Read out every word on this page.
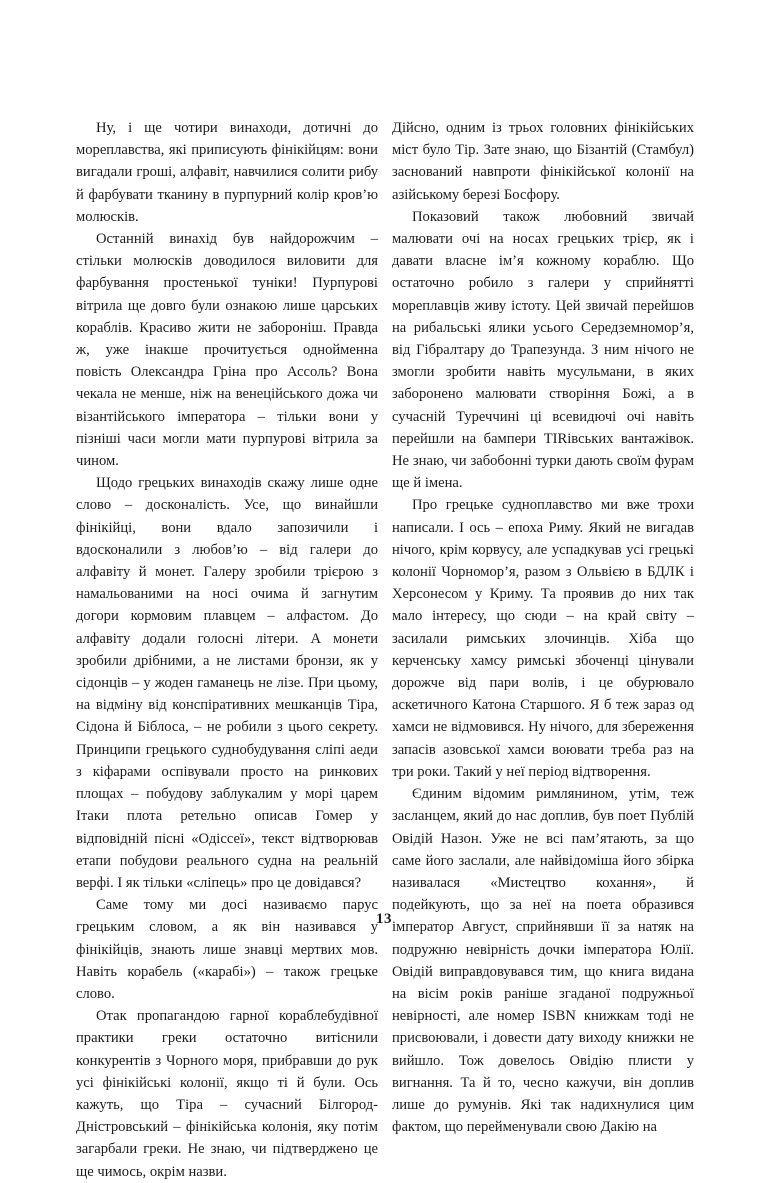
Ну, і ще чотири винаходи, дотичні до мореплавства, які приписують фінікійцям: вони вигадали гроші, алфавіт, навчилися солити рибу й фарбувати тканину в пурпурний колір кров’ю молюсків.

Останній винахід був найдорожчим – стільки молюсків доводилося виловити для фарбування простенької туніки! Пурпурові вітрила ще довго були ознакою лише царських кораблів. Красиво жити не забороніш. Правда ж, уже інакше прочитується однойменна повість Олександра Гріна про Ассоль? Вона чекала не менше, ніж на венеційського дожа чи візантійського імператора – тільки вони у пізніші часи могли мати пурпурові вітрила за чином.

Щодо грецьких винаходів скажу лише одне слово – досконалість. Усе, що винайшли фінікійці, вони вдало запозичили і вдосконалили з любов’ю – від галери до алфавіту й монет. Галеру зробили трієрою з намальованими на носі очима й загнутим догори кормовим плавцем – алфастом. До алфавіту додали голосні літери. А монети зробили дрібними, а не листами бронзи, як у сідонців – у жоден гаманець не лізе. При цьому, на відміну від конспіративних мешканців Тіра, Сідона й Біблоса, – не робили з цього секрету. Принципи грецького суднобудування сліпі аеди з кіфарами оспівували просто на ринкових площах – побудову заблукалим у морі царем Ітаки плота ретельно описав Гомер у відповідній пісні «Одіссеї», текст відтворював етапи побудови реального судна на реальній верфі. І як тільки «сліпець» про це довідався?

Саме тому ми досі називаємо парус грецьким словом, а як він називався у фінікійців, знають лише знавці мертвих мов. Навіть корабель («карабі») – також грецьке слово.

Отак пропагандою гарної кораблебудівної практики греки остаточно витіснили конкурентів з Чорного моря, прибравши до рук усі фінікійські колонії, якщо ті й були. Ось кажуть, що Тіра – сучасний Білгород-Дністровський – фінікійська колонія, яку потім загарбали греки. Не знаю, чи підтверджено це ще чимось, окрім назви.

Дійсно, одним із трьох головних фінікійських міст було Тір. Зате знаю, що Бізантій (Стамбул) заснований навпроти фінікійської колонії на азійському березі Босфору.

Показовий також любовний звичай малювати очі на носах грецьких трієр, як і давати власне ім’я кожному кораблю. Що остаточно робило з галери у сприйнятті мореплавців живу істоту. Цей звичай перейшов на рибальські ялики усього Середземномор’я, від Гібралтару до Трапезунда. З ним нічого не змогли зробити навіть мусульмани, в яких заборонено малювати створіння Божі, а в сучасній Туреччині ці всевидючі очі навіть перейшли на бампери TIRівських вантажівок. Не знаю, чи забобонні турки дають своїм фурам ще й імена.

Про грецьке судноплавство ми вже трохи написали. І ось – епоха Риму. Який не вигадав нічого, крім корвусу, але успадкував усі грецькі колонії Чорномор’я, разом з Ольвією в БДЛК і Херсонесом у Криму. Та проявив до них так мало інтересу, що сюди – на край світу – засилали римських злочинців. Хіба що керченську хамсу римські збоченці цінували дорожче від пари волів, і це обурювало аскетичного Катона Старшого. Я б теж зараз од хамси не відмовився. Ну нічого, для збереження запасів азовської хамси воювати треба раз на три роки. Такий у неї період відтворення.

Єдиним відомим римлянином, утім, теж засланцем, який до нас доплив, був поет Публій Овідій Назон. Уже не всі пам’ятають, за що саме його заслали, але найвідоміша його збірка називалася «Мистецтво кохання», й подейкують, що за неї на поета образився імператор Август, сприйнявши її за натяк на подружню невірність дочки імператора Юлії. Овідій виправдовувався тим, що книга видана на вісім років раніше згаданої подружньої невірності, але номер ISBN книжкам тоді не присвоювали, і довести дату виходу книжки не вийшло. Тож довелось Овідію плисти у вигнання. Та й то, чесно кажучи, він доплив лише до румунів. Які так надихнулися цим фактом, що перейменували свою Дакію на

13
